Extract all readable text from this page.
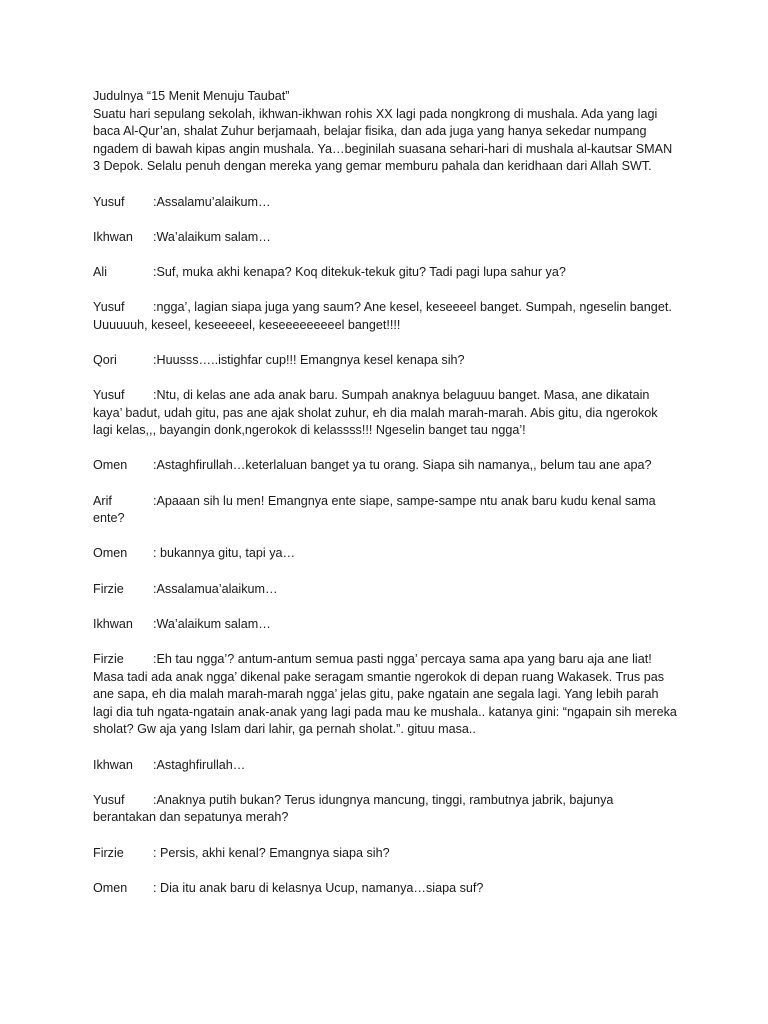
Judulnya “15 Menit Menuju Taubat”
Suatu hari sepulang sekolah, ikhwan-ikhwan rohis XX lagi pada nongkrong di mushala. Ada yang lagi baca Al-Qur’an, shalat Zuhur berjamaah, belajar fisika, dan ada juga yang hanya sekedar numpang ngadem di bawah kipas angin mushala. Ya…beginilah suasana sehari-hari di mushala al-kautsar SMAN 3 Depok. Selalu penuh dengan mereka yang gemar memburu pahala dan keridhaan dari Allah SWT.
Yusuf :Assalamu’alaikum…
Ikhwan :Wa’alaikum salam…
Ali	:Suf, muka akhi kenapa? Koq ditekuk-tekuk gitu? Tadi pagi lupa sahur ya?
Yusuf :ngga’, lagian siapa juga yang saum? Ane kesel, keseeeel banget. Sumpah, ngeselin banget. Uuuuuuh, keseel, keseeeeel, keseeeeeeeeel banget!!!!
Qori	:Huusss…..istighfar cup!!! Emangnya kesel kenapa sih?
Yusuf :Ntu, di kelas ane ada anak baru. Sumpah anaknya belaguuu banget. Masa, ane dikatain kaya’ badut, udah gitu, pas ane ajak sholat zuhur, eh dia malah marah-marah. Abis gitu, dia ngerokok lagi kelas,,, bayangin donk,ngerokok di kelassss!!! Ngeselin banget tau ngga’!
Omen :Astaghfirullah…keterlaluan banget ya tu orang. Siapa sih namanya,, belum tau ane apa?
Arif	:Apaaan sih lu men! Emangnya ente siape, sampe-sampe ntu anak baru kudu kenal sama ente?
Omen : bukannya gitu, tapi ya…
Firzie :Assalamua’alaikum…
Ikhwan :Wa’alaikum salam…
Firzie :Eh tau ngga’? antum-antum semua pasti ngga’ percaya sama apa yang baru aja ane liat! Masa tadi ada anak ngga’ dikenal pake seragam smantie ngerokok di depan ruang Wakasek. Trus pas ane sapa, eh dia malah marah-marah ngga’ jelas gitu, pake ngatain ane segala lagi. Yang lebih parah lagi dia tuh ngata-ngatain anak-anak yang lagi pada mau ke mushala.. katanya gini: “ngapain sih mereka sholat? Gw aja yang Islam dari lahir, ga pernah sholat.”. gituu masa..
Ikhwan :Astaghfirullah…
Yusuf :Anaknya putih bukan? Terus idungnya mancung, tinggi, rambutnya jabrik, bajunya berantakan dan sepatunya merah?
Firzie : Persis, akhi kenal? Emangnya siapa sih?
Omen : Dia itu anak baru di kelasnya Ucup, namanya…siapa suf?
